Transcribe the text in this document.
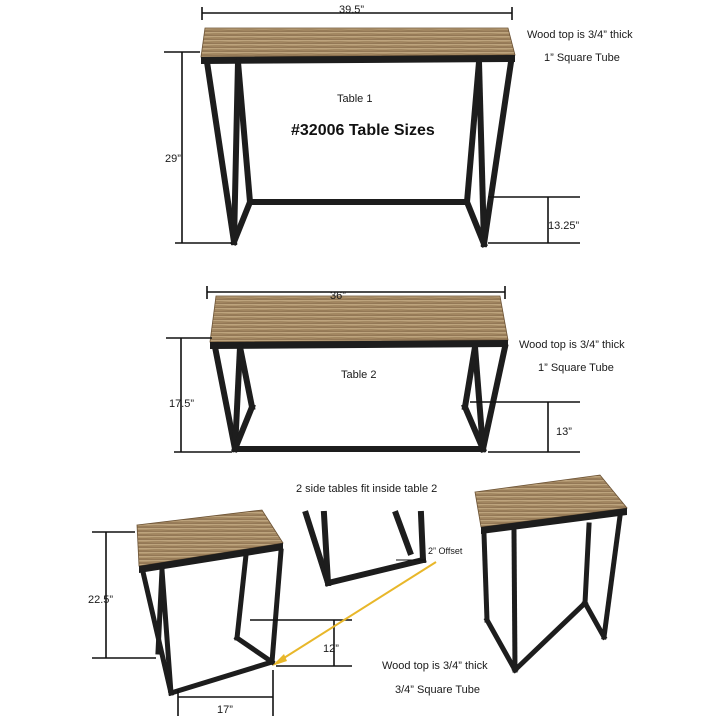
39.5”
Wood top is 3/4” thick
1” Square Tube
Table 1
#32006 Table Sizes
29”
13.25”
36”
Wood top is 3/4” thick
1” Square Tube
Table 2
17.5”
13”
2 side tables fit inside table 2
2” Offset
22.5”
12”
Wood top is 3/4” thick
3/4” Square Tube
17”
